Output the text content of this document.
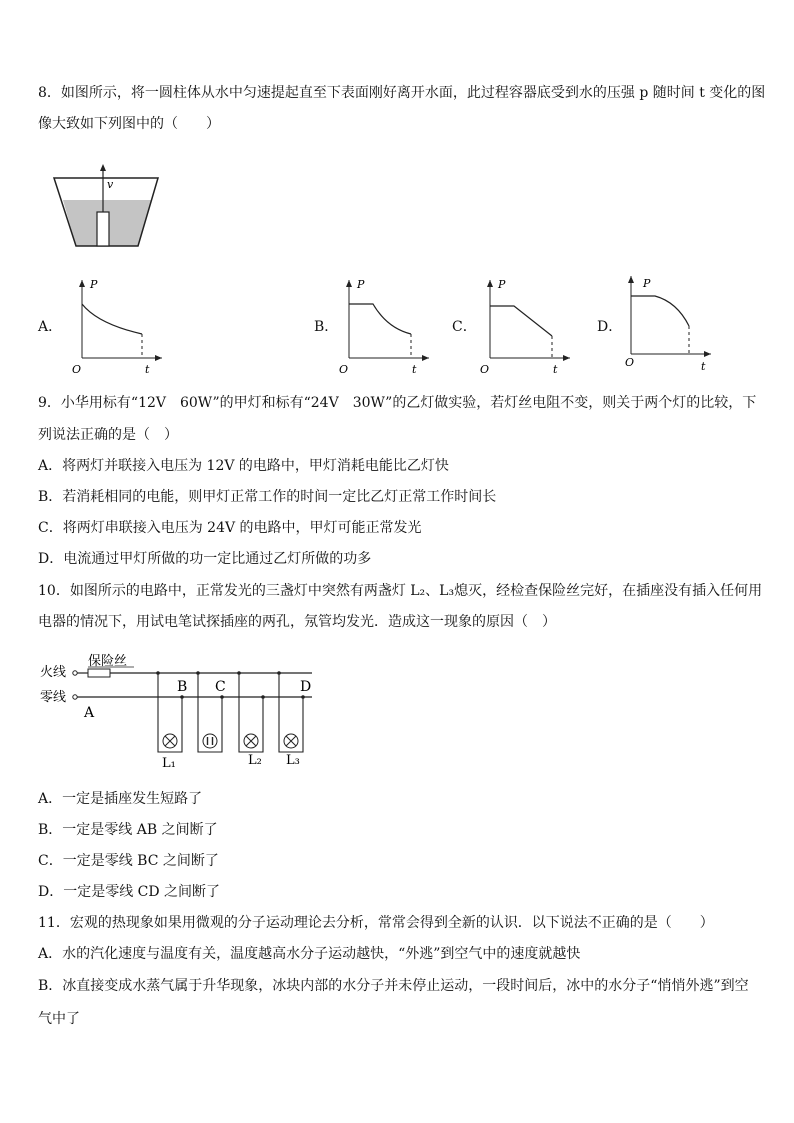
8．如图所示，将一圆柱体从水中匀速提起直至下表面刚好离开水面，此过程容器底受到水的压强 p 随时间 t 变化的图
像大致如下列图中的（　　）
v
A．
P
O	t
B．
P
O	t
C．
P
O	t
D．
P
O	t
9．小华用标有“12V　60W”的甲灯和标有“24V　30W”的乙灯做实验，若灯丝电阻不变，则关于两个灯的比较，下
列说法正确的是（　）
A．将两灯并联接入电压为 12V 的电路中，甲灯消耗电能比乙灯快
B．若消耗相同的电能，则甲灯正常工作的时间一定比乙灯正常工作时间长
C．将两灯串联接入电压为 24V 的电路中，甲灯可能正常发光
D．电流通过甲灯所做的功一定比通过乙灯所做的功多
10．如图所示的电路中，正常发光的三盏灯中突然有两盏灯 L₂、L₃熄灭，经检查保险丝完好，在插座没有插入任何用
电器的情况下，用试电笔试探插座的两孔，氖管均发光．造成这一现象的原因（　）
火线
零线
保险丝
A
B C	D
L₁	L₂ L₃
A．一定是插座发生短路了
B．一定是零线 AB 之间断了
C．一定是零线 BC 之间断了
D．一定是零线 CD 之间断了
11．宏观的热现象如果用微观的分子运动理论去分析，常常会得到全新的认识．以下说法不正确的是（　　）
A．水的汽化速度与温度有关，温度越高水分子运动越快，“外逃”到空气中的速度就越快
B．冰直接变成水蒸气属于升华现象，冰块内部的水分子并未停止运动，一段时间后，冰中的水分子“悄悄外逃”到空
气中了
